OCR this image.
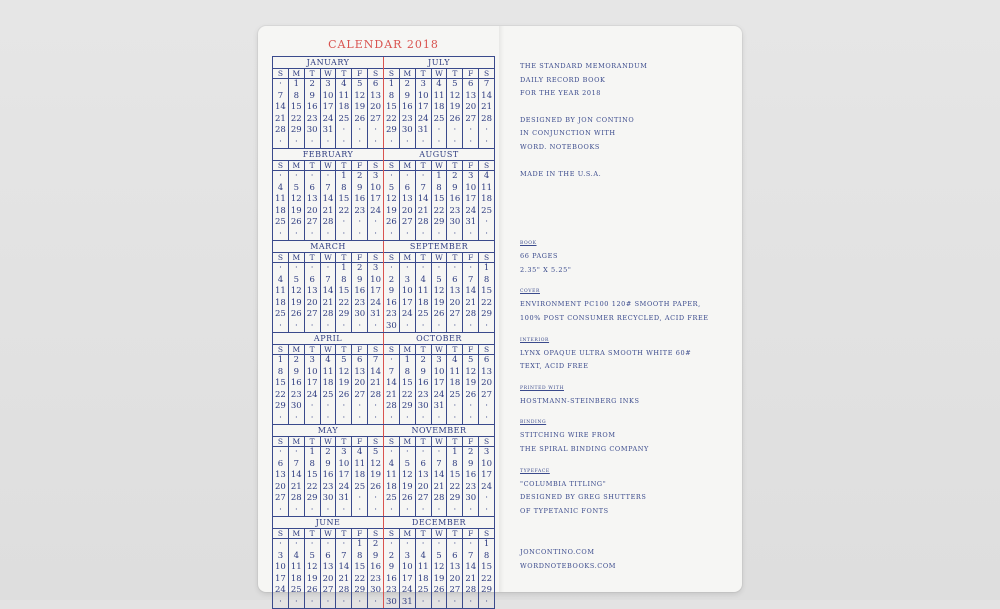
CALENDAR 2018
JANUARY
S	M	T	W	T	F	S
·	1	2	3	4	5	6
7	8	9 10 11 12 13
14 15 16 17 18 19 20
21 22 23 24 25 26 27
28 29 30 31	·	·	·
·	·	·	·	·	·	·
JULY
S	M	T	W	T	F	S
1	2	3	4	5	6	7
8	9 10 11 12 13 14
15 16 17 18 19 20 21
22 23 24 25 26 27 28
29 30 31	·	·	·	·
·	·	·	·	·	·	·
FEBRUARY
S	M	T	W	T	F	S
·	·	·	·	1	2	3
4	5	6	7	8	9 10
11 12 13 14 15 16 17
18 19 20 21 22 23 24
25 26 27 28	·	·	·
·	·	·	·	·	·	·
AUGUST
S	M	T	W	T	F	S
·	·	·	1	2	3	4
5	6	7	8	9 10 11
12 13 14 15 16 17 18
19 20 21 22 23 24 25
26 27 28 29 30 31	·
·	·	·	·	·	·	·
MARCH
S	M	T	W	T	F	S
·	·	·	·	1	2	3
4	5	6	7	8	9 10
11 12 13 14 15 16 17
18 19 20 21 22 23 24
25 26 27 28 29 30 31
·	·	·	·	·	·	·
SEPTEMBER
S	M	T	W	T	F	S
·	·	·	·	·	·	1
2	3	4	5	6	7	8
9 10 11 12 13 14 15
16 17 18 19 20 21 22
23 24 25 26 27 28 29
30	·	·	·	·	·	·
APRIL
S	M	T	W	T	F	S
1	2	3	4	5	6	7
8	9 10 11 12 13 14
15 16 17 18 19 20 21
22 23 24 25 26 27 28
29 30	·	·	·	·	·
·	·	·	·	·	·	·
OCTOBER
S	M	T	W	T	F	S
·	1	2	3	4	5	6
7	8	9 10 11 12 13
14 15 16 17 18 19 20
21 22 23 24 25 26 27
28 29 30 31	·	·	·
·	·	·	·	·	·	·
MAY
S	M	T	W	T	F	S
·	·	1	2	3	4	5
6	7	8	9 10 11 12
13 14 15 16 17 18 19
20 21 22 23 24 25 26
27 28 29 30 31	·	·
·	·	·	·	·	·	·
NOVEMBER
S	M	T	W	T	F	S
·	·	·	·	1	2	3
4	5	6	7	8	9 10
11 12 13 14 15 16 17
18 19 20 21 22 23 24
25 26 27 28 29 30	·
·	·	·	·	·	·	·
JUNE
S	M	T	W	T	F	S
·	·	·	·	·	1	2
3	4	5	6	7	8	9
10 11 12 13 14 15 16
17 18 19 20 21 22 23
24 25 26 27 28 29 30
·	·	·	·	·	·	·
DECEMBER
S	M	T	W	T	F	S
·	·	·	·	·	·	1
2	3	4	5	6	7	8
9 10 11 12 13 14 15
16 17 18 19 20 21 22
23 24 25 26 27 28 29
30 31	·	·	·	·	·

THE STANDARD MEMORANDUM

DAILY RECORD BOOK

FOR THE YEAR 2018

DESIGNED BY JON CONTINO

IN CONJUNCTION WITH

WORD. NOTEBOOKS

MADE IN THE U.S.A.

BOOK

66 PAGES

2.35" X 5.25"

COVER

ENVIRONMENT PC100 120# SMOOTH PAPER,

100% POST CONSUMER RECYCLED, ACID FREE

INTERIOR

LYNX OPAQUE ULTRA SMOOTH WHITE 60#

TEXT, ACID FREE

PRINTED WITH

HOSTMANN-STEINBERG INKS

BINDING

STITCHING WIRE FROM

THE SPIRAL BINDING COMPANY

TYPEFACE

"COLUMBIA TITLING"

DESIGNED BY GREG SHUTTERS

OF TYPETANIC FONTS

JONCONTINO.COM

WORDNOTEBOOKS.COM
